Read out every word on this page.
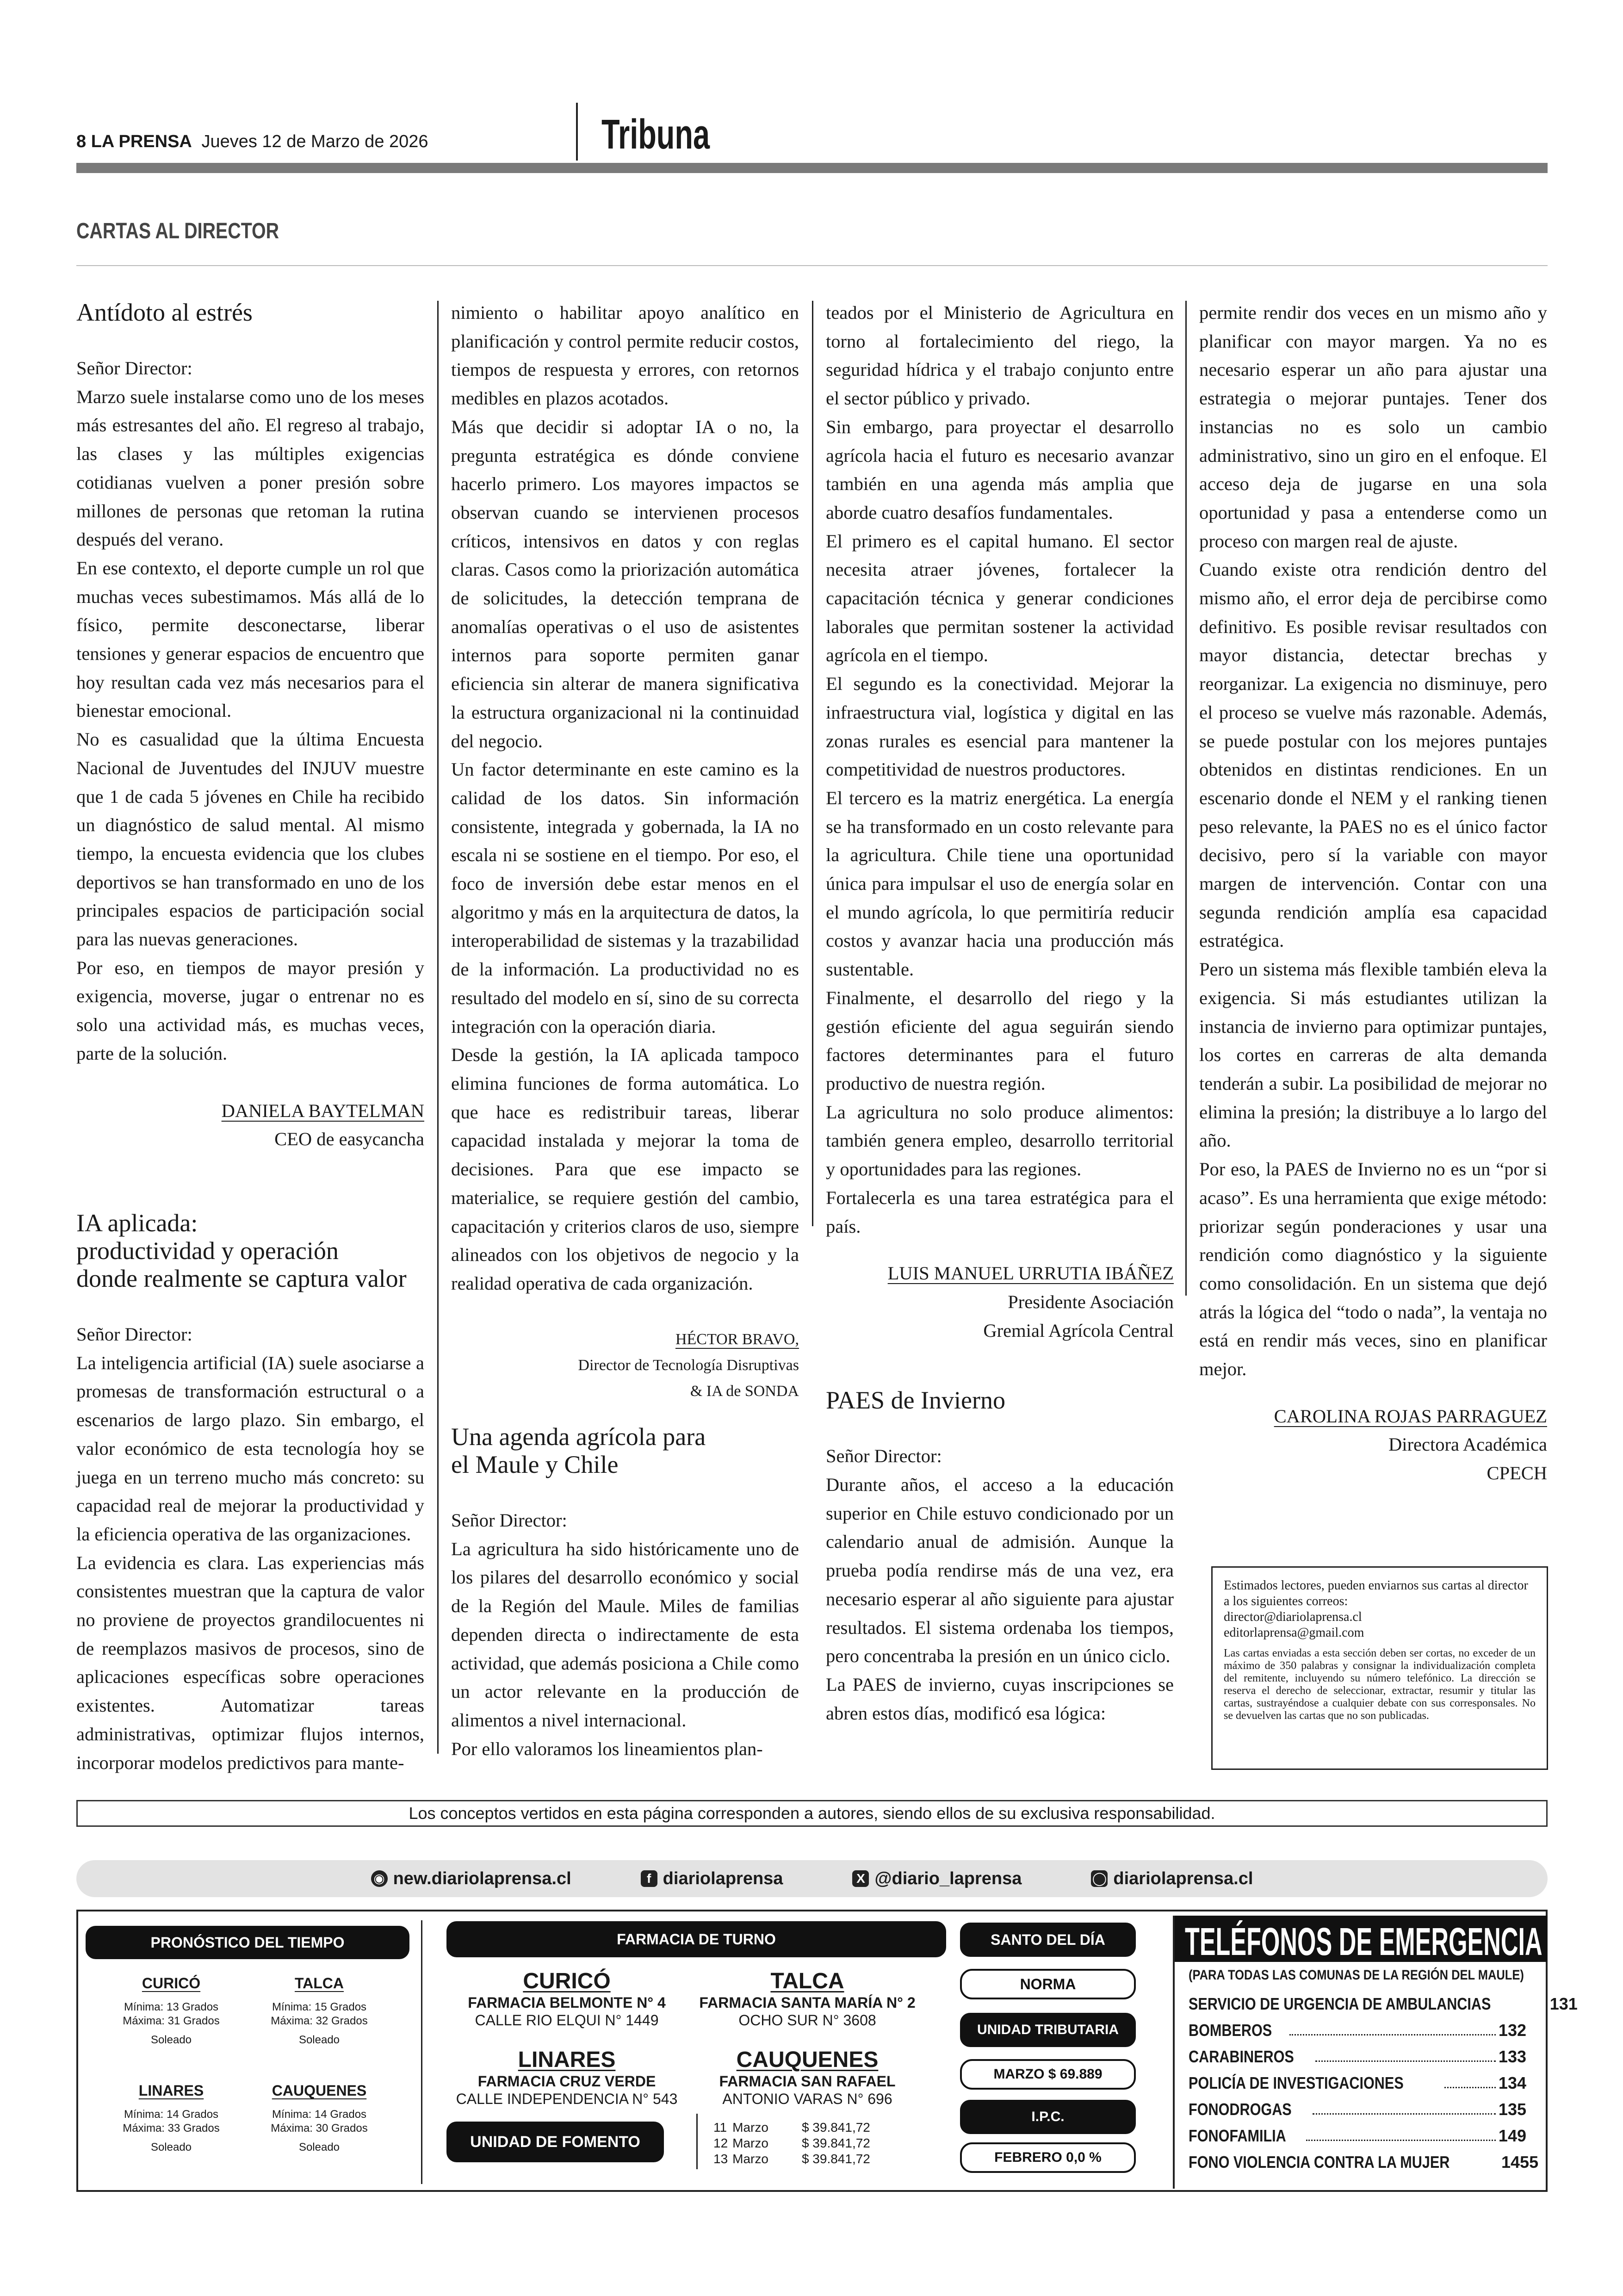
8 LA PRENSA Jueves 12 de Marzo de 2026	Tribuna
CARTAS AL DIRECTOR

Antídoto al estrés

Señor Director:

Marzo suele instalarse como uno de los meses más estresantes del año. El regreso al trabajo, las clases y las múltiples exigencias cotidianas vuelven a poner presión sobre millones de personas que retoman la rutina después del verano.

En ese contexto, el deporte cumple un rol que muchas veces subestimamos. Más allá de lo físico, permite desconectarse, liberar tensiones y generar espacios de encuentro que hoy resultan cada vez más necesarios para el bienestar emocional.

No es casualidad que la última Encuesta Nacional de Juventudes del INJUV muestre que 1 de cada 5 jóvenes en Chile ha recibido un diagnóstico de salud mental. Al mismo tiempo, la encuesta evidencia que los clubes deportivos se han transformado en uno de los principales espacios de participación social para las nuevas generaciones.

Por eso, en tiempos de mayor presión y exigencia, moverse, jugar o entrenar no es solo una actividad más, es muchas veces, parte de la solución.

DANIELA BAYTELMAN

CEO de easycancha

IA aplicada:

productividad y operación

donde realmente se captura valor

Señor Director:

La inteligencia artificial (IA) suele asociarse a promesas de transformación estructural o a escenarios de largo plazo. Sin embargo, el valor económico de esta tecnología hoy se juega en un terreno mucho más concreto: su capacidad real de mejorar la productividad y la eficiencia operativa de las organizaciones.

La evidencia es clara. Las experiencias más consistentes muestran que la captura de valor no proviene de proyectos grandilocuentes ni de reemplazos masivos de procesos, sino de aplicaciones específicas sobre operaciones existentes. Automatizar tareas administrativas, optimizar flujos internos, incorporar modelos predictivos para mante-

nimiento o habilitar apoyo analítico en planificación y control permite reducir costos, tiempos de respuesta y errores, con retornos medibles en plazos acotados.

Más que decidir si adoptar IA o no, la pregunta estratégica es dónde conviene hacerlo primero. Los mayores impactos se observan cuando se intervienen procesos críticos, intensivos en datos y con reglas claras. Casos como la priorización automática de solicitudes, la detección temprana de anomalías operativas o el uso de asistentes internos para soporte permiten ganar eficiencia sin alterar de manera significativa la estructura organizacional ni la continuidad del negocio.

Un factor determinante en este camino es la calidad de los datos. Sin información consistente, integrada y gobernada, la IA no escala ni se sostiene en el tiempo. Por eso, el foco de inversión debe estar menos en el algoritmo y más en la arquitectura de datos, la interoperabilidad de sistemas y la trazabilidad de la información. La productividad no es resultado del modelo en sí, sino de su correcta integración con la operación diaria.

Desde la gestión, la IA aplicada tampoco elimina funciones de forma automática. Lo que hace es redistribuir tareas, liberar capacidad instalada y mejorar la toma de decisiones. Para que ese impacto se materialice, se requiere gestión del cambio, capacitación y criterios claros de uso, siempre alineados con los objetivos de negocio y la realidad operativa de cada organización.

HÉCTOR BRAVO,

Director de Tecnología Disruptivas

& IA de SONDA

Una agenda agrícola para

el Maule y Chile

Señor Director:

La agricultura ha sido históricamente uno de los pilares del desarrollo económico y social de la Región del Maule. Miles de familias dependen directa o indirectamente de esta actividad, que además posiciona a Chile como un actor relevante en la producción de alimentos a nivel internacional.

Por ello valoramos los lineamientos plan-

teados por el Ministerio de Agricultura en torno al fortalecimiento del riego, la seguridad hídrica y el trabajo conjunto entre el sector público y privado.

Sin embargo, para proyectar el desarrollo agrícola hacia el futuro es necesario avanzar también en una agenda más amplia que aborde cuatro desafíos fundamentales.

El primero es el capital humano. El sector necesita atraer jóvenes, fortalecer la capacitación técnica y generar condiciones laborales que permitan sostener la actividad agrícola en el tiempo.

El segundo es la conectividad. Mejorar la infraestructura vial, logística y digital en las zonas rurales es esencial para mantener la competitividad de nuestros productores.

El tercero es la matriz energética. La energía se ha transformado en un costo relevante para la agricultura. Chile tiene una oportunidad única para impulsar el uso de energía solar en el mundo agrícola, lo que permitiría reducir costos y avanzar hacia una producción más sustentable.

Finalmente, el desarrollo del riego y la gestión eficiente del agua seguirán siendo factores determinantes para el futuro productivo de nuestra región.

La agricultura no solo produce alimentos: también genera empleo, desarrollo territorial y oportunidades para las regiones.

Fortalecerla es una tarea estratégica para el país.

LUIS MANUEL URRUTIA IBÁÑEZ

Presidente Asociación

Gremial Agrícola Central

PAES de Invierno

Señor Director:

Durante años, el acceso a la educación superior en Chile estuvo condicionado por un calendario anual de admisión. Aunque la prueba podía rendirse más de una vez, era necesario esperar al año siguiente para ajustar resultados. El sistema ordenaba los tiempos, pero concentraba la presión en un único ciclo.

La PAES de invierno, cuyas inscripciones se abren estos días, modificó esa lógica:

permite rendir dos veces en un mismo año y planificar con mayor margen. Ya no es necesario esperar un año para ajustar una estrategia o mejorar puntajes. Tener dos instancias no es solo un cambio administrativo, sino un giro en el enfoque. El acceso deja de jugarse en una sola oportunidad y pasa a entenderse como un proceso con margen real de ajuste.

Cuando existe otra rendición dentro del mismo año, el error deja de percibirse como definitivo. Es posible revisar resultados con mayor distancia, detectar brechas y reorganizar. La exigencia no disminuye, pero el proceso se vuelve más razonable. Además, se puede postular con los mejores puntajes obtenidos en distintas rendiciones. En un escenario donde el NEM y el ranking tienen peso relevante, la PAES no es el único factor decisivo, pero sí la variable con mayor margen de intervención. Contar con una segunda rendición amplía esa capacidad estratégica.

Pero un sistema más flexible también eleva la exigencia. Si más estudiantes utilizan la instancia de invierno para optimizar puntajes, los cortes en carreras de alta demanda tenderán a subir. La posibilidad de mejorar no elimina la presión; la distribuye a lo largo del año.

Por eso, la PAES de Invierno no es un “por si acaso”. Es una herramienta que exige método: priorizar según ponderaciones y usar una rendición como diagnóstico y la siguiente como consolidación. En un sistema que dejó atrás la lógica del “todo o nada”, la ventaja no está en rendir más veces, sino en planificar mejor.

CAROLINA ROJAS PARRAGUEZ

Directora Académica

CPECH

Estimados lectores, pueden enviarnos sus cartas al director a los siguientes correos:
director@diariolaprensa.cl
editorlaprensa@gmail.com
Las cartas enviadas a esta sección deben ser cortas, no exceder de un máximo de 350 palabras y consignar la individualización completa del remitente, incluyendo su número telefónico. La dirección se reserva el derecho de seleccionar, extractar, resumir y titular las cartas, sustrayéndose a cualquier debate con sus corresponsales. No se devuelven las cartas que no son publicadas.
Los conceptos vertidos en esta página corresponden a autores, siendo ellos de su exclusiva responsabilidad.
◉ new.diariolaprensa.cl	f diariolaprensa	X @diario_laprensa	◯ diariolaprensa.cl
PRONÓSTICO DEL TIEMPO
CURICÓ
Mínima: 13 Grados
Máxima: 31 Grados
Soleado
TALCA
Mínima: 15 Grados
Máxima: 32 Grados
Soleado
LINARES
Mínima: 14 Grados
Máxima: 33 Grados
Soleado
CAUQUENES
Mínima: 14 Grados
Máxima: 30 Grados
Soleado
FARMACIA DE TURNO
CURICÓ
FARMACIA BELMONTE N° 4
CALLE RIO ELQUI N° 1449
TALCA
FARMACIA SANTA MARÍA N° 2
OCHO SUR N° 3608
LINARES
FARMACIA CRUZ VERDE
CALLE INDEPENDENCIA N° 543
CAUQUENES
FARMACIA SAN RAFAEL
ANTONIO VARAS N° 696
UNIDAD DE FOMENTO
11	Marzo	$ 39.841,72
12	Marzo	$ 39.841,72
13	Marzo	$ 39.841,72
SANTO DEL DÍA
NORMA
UNIDAD TRIBUTARIA
MARZO $ 69.889
I.P.C.
FEBRERO 0,0 %
TELÉFONOS DE EMERGENCIA
(PARA TODAS LAS COMUNAS DE LA REGIÓN DEL MAULE)
SERVICIO DE URGENCIA DE AMBULANCIAS	131
BOMBEROS	132
CARABINEROS	133
POLICÍA DE INVESTIGACIONES	134
FONODROGAS	135
FONOFAMILIA	149
FONO VIOLENCIA CONTRA LA MUJER	1455
